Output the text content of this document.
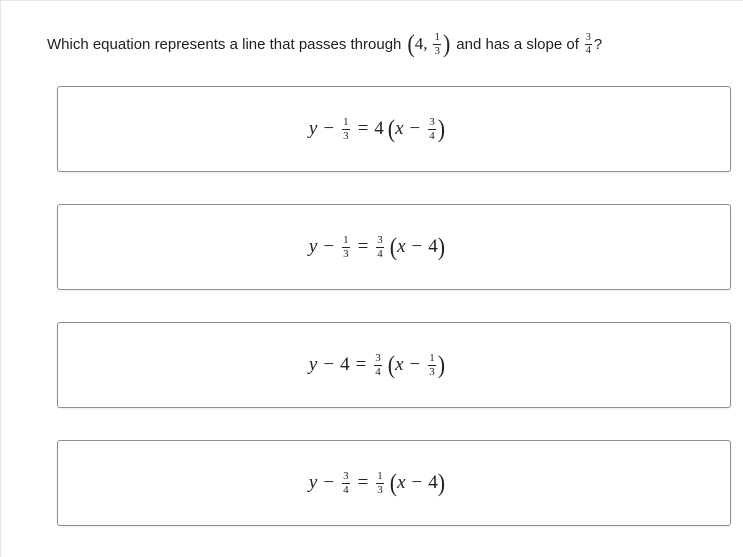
Which equation represents a line that passes through ( 4, $\frac{1}{3}$ ) and has a slope of $\frac{3}{4}$ ?
$y - \frac{1}{3} = 4$ ( $x - \frac{3}{4}$ )
$y - \frac{1}{3} = \frac{3}{4}$ ( x − 4 )
$y - 4 = \frac{3}{4}$ ( $x - \frac{1}{3}$ )
$y - \frac{3}{4} = \frac{1}{3}$ ( x − 4 )
